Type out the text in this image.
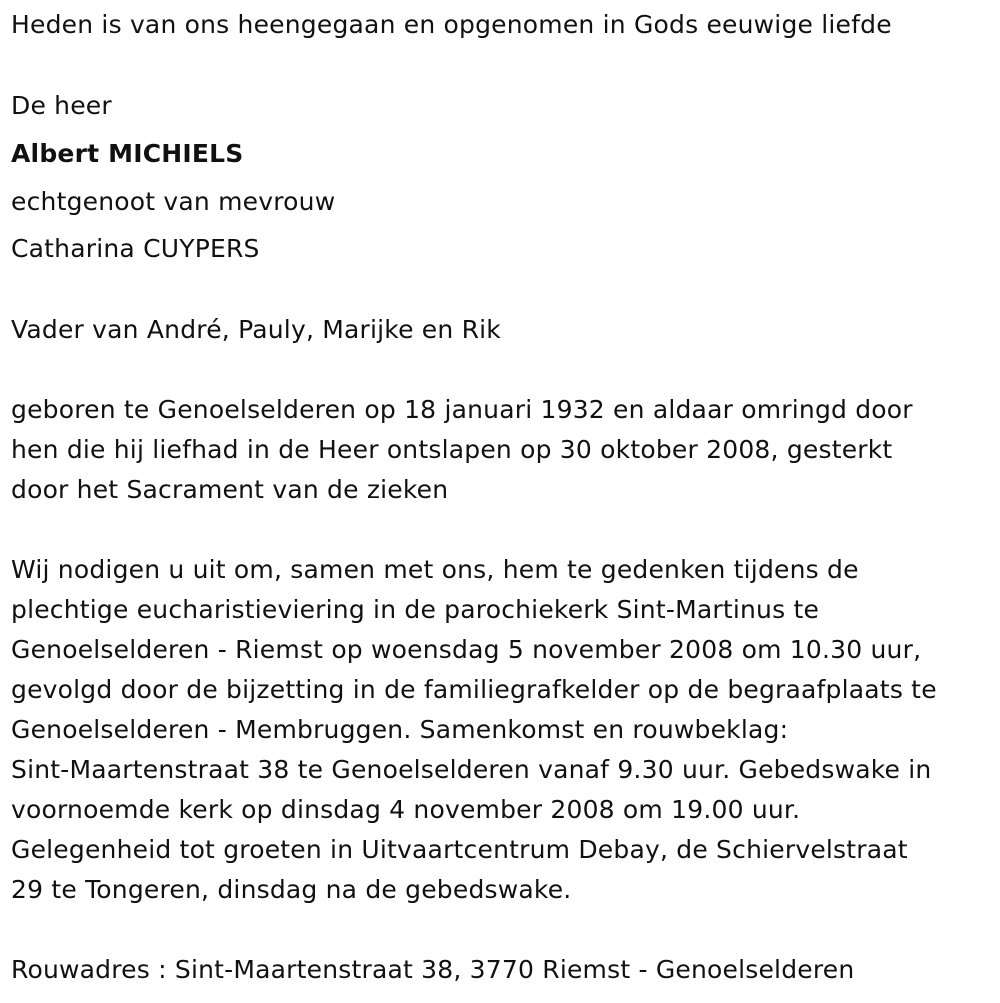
Heden is van ons heengegaan en opgenomen in Gods eeuwige liefde
De heer
Albert MICHIELS
echtgenoot van mevrouw
Catharina CUYPERS
Vader van André, Pauly, Marijke en Rik
geboren te Genoelselderen op 18 januari 1932 en aldaar omringd door
hen die hij liefhad in de Heer ontslapen op 30 oktober 2008, gesterkt
door het Sacrament van de zieken
Wij nodigen u uit om, samen met ons, hem te gedenken tijdens de
plechtige eucharistieviering in de parochiekerk Sint-Martinus te
Genoelselderen - Riemst op woensdag 5 november 2008 om 10.30 uur,
gevolgd door de bijzetting in de familiegrafkelder op de begraafplaats te
Genoelselderen - Membruggen. Samenkomst en rouwbeklag:
Sint-Maartenstraat 38 te Genoelselderen vanaf 9.30 uur. Gebedswake in
voornoemde kerk op dinsdag 4 november 2008 om 19.00 uur.
Gelegenheid tot groeten in Uitvaartcentrum Debay, de Schiervelstraat
29 te Tongeren, dinsdag na de gebedswake.
Rouwadres : Sint-Maartenstraat 38, 3770 Riemst - Genoelselderen
